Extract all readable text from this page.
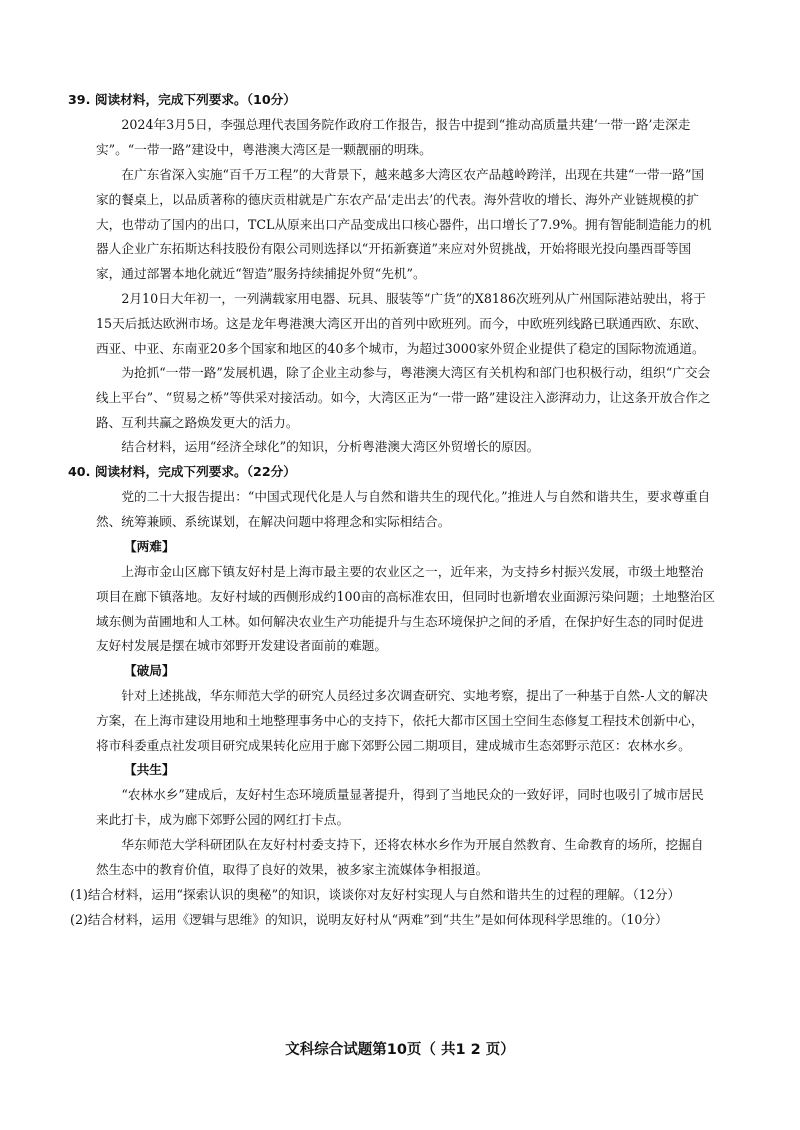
39. 阅读材料，完成下列要求。（10分）

2024年3月5日，李强总理代表国务院作政府工作报告，报告中提到“推动高质量共建‘一带一路’走深走实”。“一带一路”建设中，粤港澳大湾区是一颗靓丽的明珠。

在广东省深入实施“百千万工程”的大背景下，越来越多大湾区农产品越岭跨洋，出现在共建“一带一路”国家的餐桌上，以品质著称的德庆贡柑就是广东农产品‘走出去’的代表。海外营收的增长、海外产业链规模的扩大，也带动了国内的出口，TCL从原来出口产品变成出口核心器件，出口增长了7.9%。拥有智能制造能力的机器人企业广东拓斯达科技股份有限公司则选择以“开拓新赛道”来应对外贸挑战，开始将眼光投向墨西哥等国家，通过部署本地化就近“智造”服务持续捕捉外贸“先机”。

2月10日大年初一，一列满载家用电器、玩具、服装等“广货”的X8186次班列从广州国际港站驶出，将于15天后抵达欧洲市场。这是龙年粤港澳大湾区开出的首列中欧班列。而今，中欧班列线路已联通西欧、东欧、西亚、中亚、东南亚20多个国家和地区的40多个城市，为超过3000家外贸企业提供了稳定的国际物流通道。

为抢抓“一带一路”发展机遇，除了企业主动参与，粤港澳大湾区有关机构和部门也积极行动，组织“广交会线上平台”、“贸易之桥”等供采对接活动。如今，大湾区正为“一带一路”建设注入澎湃动力，让这条开放合作之路、互利共赢之路焕发更大的活力。

结合材料，运用“经济全球化”的知识，分析粤港澳大湾区外贸增长的原因。

40. 阅读材料，完成下列要求。（22分）

党的二十大报告提出：“中国式现代化是人与自然和谐共生的现代化。”推进人与自然和谐共生，要求尊重自然、统筹兼顾、系统谋划，在解决问题中将理念和实际相结合。

【两难】

上海市金山区廊下镇友好村是上海市最主要的农业区之一，近年来，为支持乡村振兴发展，市级土地整治项目在廊下镇落地。友好村域的西侧形成约100亩的高标准农田，但同时也新增农业面源污染问题；土地整治区域东侧为苗圃地和人工林。如何解决农业生产功能提升与生态环境保护之间的矛盾，在保护好生态的同时促进友好村发展是摆在城市郊野开发建设者面前的难题。

【破局】

针对上述挑战，华东师范大学的研究人员经过多次调查研究、实地考察，提出了一种基于自然-人文的解决方案，在上海市建设用地和土地整理事务中心的支持下，依托大都市区国土空间生态修复工程技术创新中心，将市科委重点社发项目研究成果转化应用于廊下郊野公园二期项目，建成城市生态郊野示范区：农林水乡。

【共生】

“农林水乡”建成后，友好村生态环境质量显著提升，得到了当地民众的一致好评，同时也吸引了城市居民来此打卡，成为廊下郊野公园的网红打卡点。

华东师范大学科研团队在友好村村委支持下，还将农林水乡作为开展自然教育、生命教育的场所，挖掘自然生态中的教育价值，取得了良好的效果，被多家主流媒体争相报道。

(1)结合材料，运用“探索认识的奥秘”的知识，谈谈你对友好村实现人与自然和谐共生的过程的理解。（12分）

(2)结合材料，运用《逻辑与思维》的知识，说明友好村从“两难”到“共生”是如何体现科学思维的。（10分）

文科综合试题第10页（ 共1 2 页）
